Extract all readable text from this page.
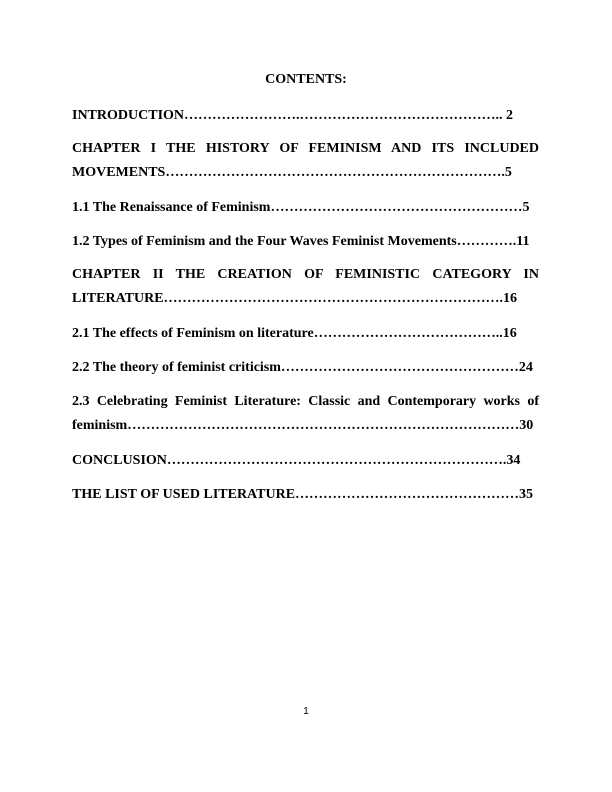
CONTENTS:
INTRODUCTION…………………….…………………………………….. 2
CHAPTER I THE HISTORY OF FEMINISM AND ITS INCLUDED MOVEMENTS……………………………………………………………….5
1.1 The Renaissance of Feminism………………………………………………5
1.2 Types of Feminism and the Four Waves Feminist Movements………….11
CHAPTER II THE CREATION OF FEMINISTIC CATEGORY IN LITERATURE……………………………………………………………….16
2.1 The effects of Feminism on literature…………………………………..16
2.2 The theory of feminist criticism……………………………………………24
2.3 Celebrating Feminist Literature: Classic and Contemporary works of feminism…………………………………………………………………………30
CONCLUSION……………………………………………………………….34
THE LIST OF USED LITERATURE…………………………………………35
1
